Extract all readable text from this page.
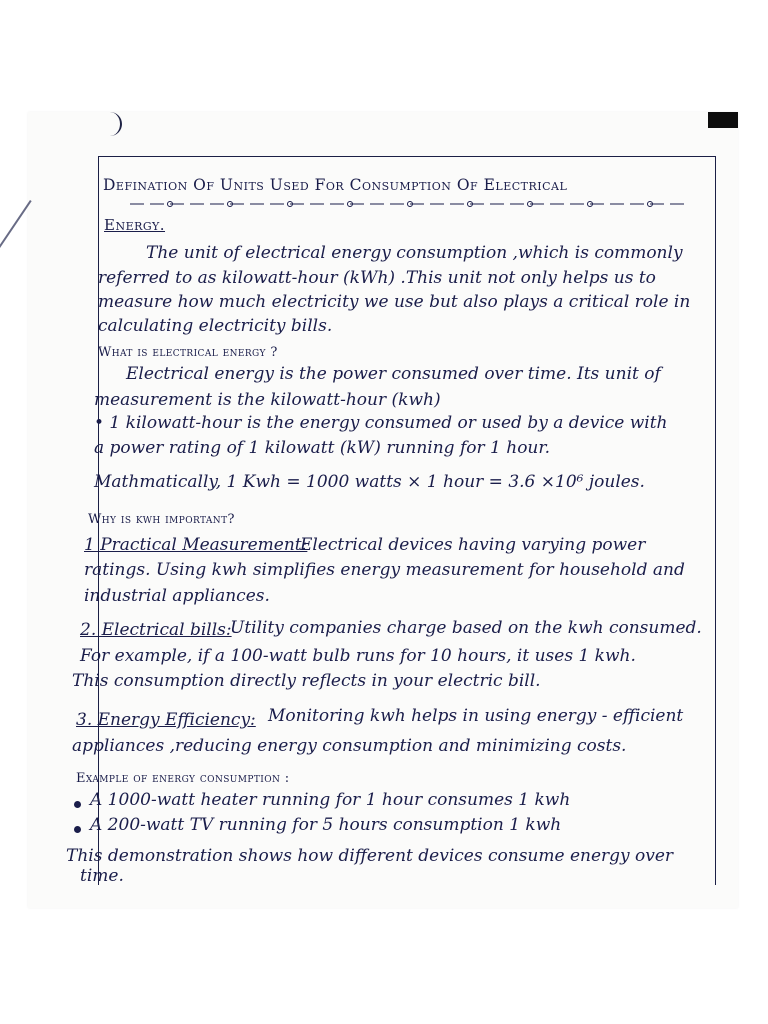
Defination Of Units Used For Consumption Of Electrical
Energy.
The unit of electrical energy consumption ,which is commonly
referred to as kilowatt-hour (kWh) .This unit not only helps us to
measure how much electricity we use but also plays a critical role in
calculating electricity bills.
What is electrical energy ?
Electrical energy is the power consumed over time. Its unit of
measurement is the kilowatt-hour (kwh)
• 1 kilowatt-hour is the energy consumed or used by a device with
a power rating of 1 kilowatt (kW) running for 1 hour.
Mathmatically, 1 Kwh = 1000 watts × 1 hour = 3.6 ×10⁶ joules.
Why is kwh important?
1 Practical Measurement:
Electrical devices having varying power
ratings. Using kwh simplifies energy measurement for household and
industrial appliances.
2. Electrical bills:
Utility companies charge based on the kwh consumed.
For example, if a 100-watt bulb runs for 10 hours, it uses 1 kwh.
This consumption directly reflects in your electric bill.
3. Energy Efficiency: Monitoring kwh helps in using energy - efficient
appliances ,reducing energy consumption and minimizing costs.
Example of energy consumption :
A 1000-watt heater running for 1 hour consumes 1 kwh
A 200-watt TV running for 5 hours consumption 1 kwh
This demonstration shows how different devices consume energy over
time.
